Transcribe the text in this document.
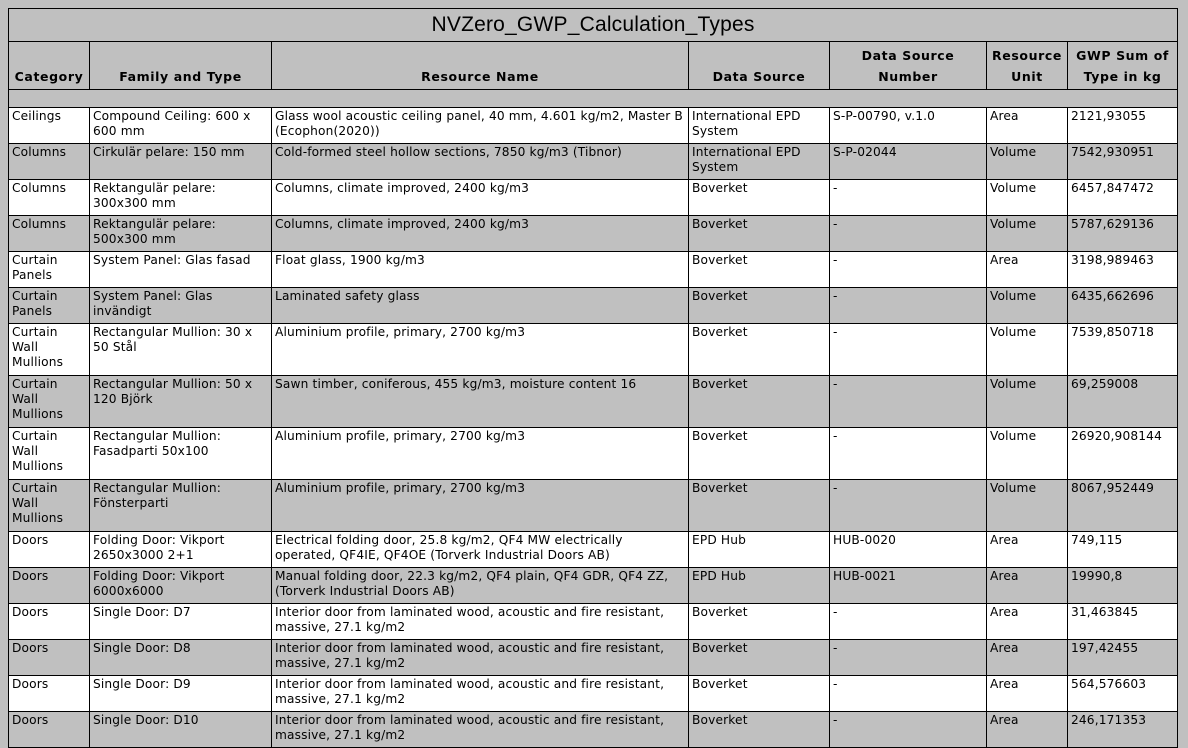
NVZero_GWP_Calculation_Types						
Category	Family and Type	Resource Name	Data Source	Data Source Number	Resource Unit	GWP Sum of Type in kg

Ceilings	Compound Ceiling: 600 x 600 mm	Glass wool acoustic ceiling panel, 40 mm, 4.601 kg/m2, Master B (Ecophon(2020))	International EPD System	S-P-00790, v.1.0	Area	2121,93055
Columns	Cirkulär pelare: 150 mm	Cold-formed steel hollow sections, 7850 kg/m3 (Tibnor)	International EPD System	S-P-02044	Volume	7542,930951
Columns	Rektangulär pelare: 300x300 mm	Columns, climate improved, 2400 kg/m3	Boverket	-	Volume	6457,847472
Columns	Rektangulär pelare: 500x300 mm	Columns, climate improved, 2400 kg/m3	Boverket	-	Volume	5787,629136
Curtain Panels	System Panel: Glas fasad	Float glass, 1900 kg/m3	Boverket	-	Area	3198,989463
Curtain Panels	System Panel: Glas invändigt	Laminated safety glass	Boverket	-	Volume	6435,662696
Curtain Wall Mullions	Rectangular Mullion: 30 x 50 Stål	Aluminium profile, primary, 2700 kg/m3	Boverket	-	Volume	7539,850718
Curtain Wall Mullions	Rectangular Mullion: 50 x 120 Björk	Sawn timber, coniferous, 455 kg/m3, moisture content 16	Boverket	-	Volume	69,259008
Curtain Wall Mullions	Rectangular Mullion: Fasadparti 50x100	Aluminium profile, primary, 2700 kg/m3	Boverket	-	Volume	26920,908144
Curtain Wall Mullions	Rectangular Mullion: Fönsterparti	Aluminium profile, primary, 2700 kg/m3	Boverket	-	Volume	8067,952449
Doors	Folding Door: Vikport 2650x3000 2+1	Electrical folding door, 25.8 kg/m2, QF4 MW electrically operated, QF4IE, QF4OE (Torverk Industrial Doors AB)	EPD Hub	HUB-0020	Area	749,115
Doors	Folding Door: Vikport 6000x6000	Manual folding door, 22.3 kg/m2, QF4 plain, QF4 GDR, QF4 ZZ, (Torverk Industrial Doors AB)	EPD Hub	HUB-0021	Area	19990,8
Doors	Single Door: D7	Interior door from laminated wood, acoustic and fire resistant, massive, 27.1 kg/m2	Boverket	-	Area	31,463845
Doors	Single Door: D8	Interior door from laminated wood, acoustic and fire resistant, massive, 27.1 kg/m2	Boverket	-	Area	197,42455
Doors	Single Door: D9	Interior door from laminated wood, acoustic and fire resistant, massive, 27.1 kg/m2	Boverket	-	Area	564,576603
Doors	Single Door: D10	Interior door from laminated wood, acoustic and fire resistant, massive, 27.1 kg/m2	Boverket	-	Area	246,171353
